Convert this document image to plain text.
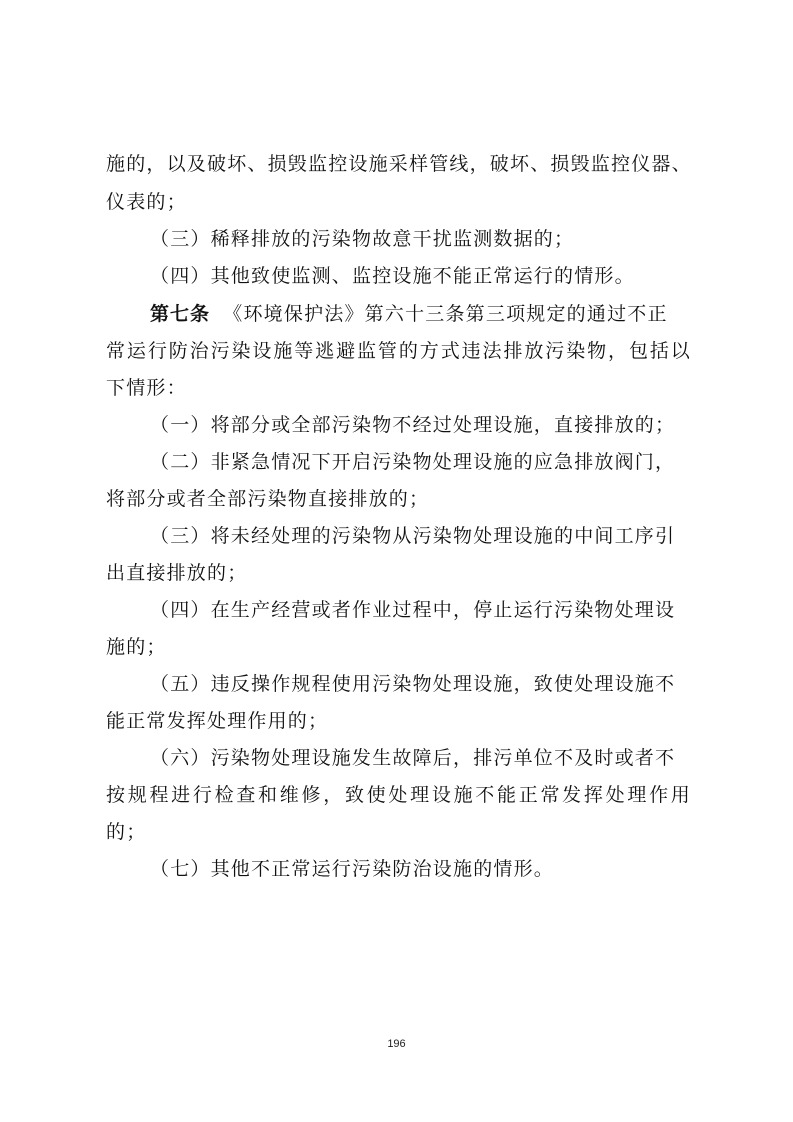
施的，以及破坏、损毁监控设施采样管线，破坏、损毁监控仪器、
仪表的；
（三）稀释排放的污染物故意干扰监测数据的；
（四）其他致使监测、监控设施不能正常运行的情形。
第七条 《环境保护法》第六十三条第三项规定的通过不正
常运行防治污染设施等逃避监管的方式违法排放污染物，包括以
下情形：
（一）将部分或全部污染物不经过处理设施，直接排放的；
（二）非紧急情况下开启污染物处理设施的应急排放阀门，
将部分或者全部污染物直接排放的；
（三）将未经处理的污染物从污染物处理设施的中间工序引
出直接排放的；
（四）在生产经营或者作业过程中，停止运行污染物处理设
施的；
（五）违反操作规程使用污染物处理设施，致使处理设施不
能正常发挥处理作用的；
（六）污染物处理设施发生故障后，排污单位不及时或者不
按规程进行检查和维修，致使处理设施不能正常发挥处理作用
的；
（七）其他不正常运行污染防治设施的情形。
196
